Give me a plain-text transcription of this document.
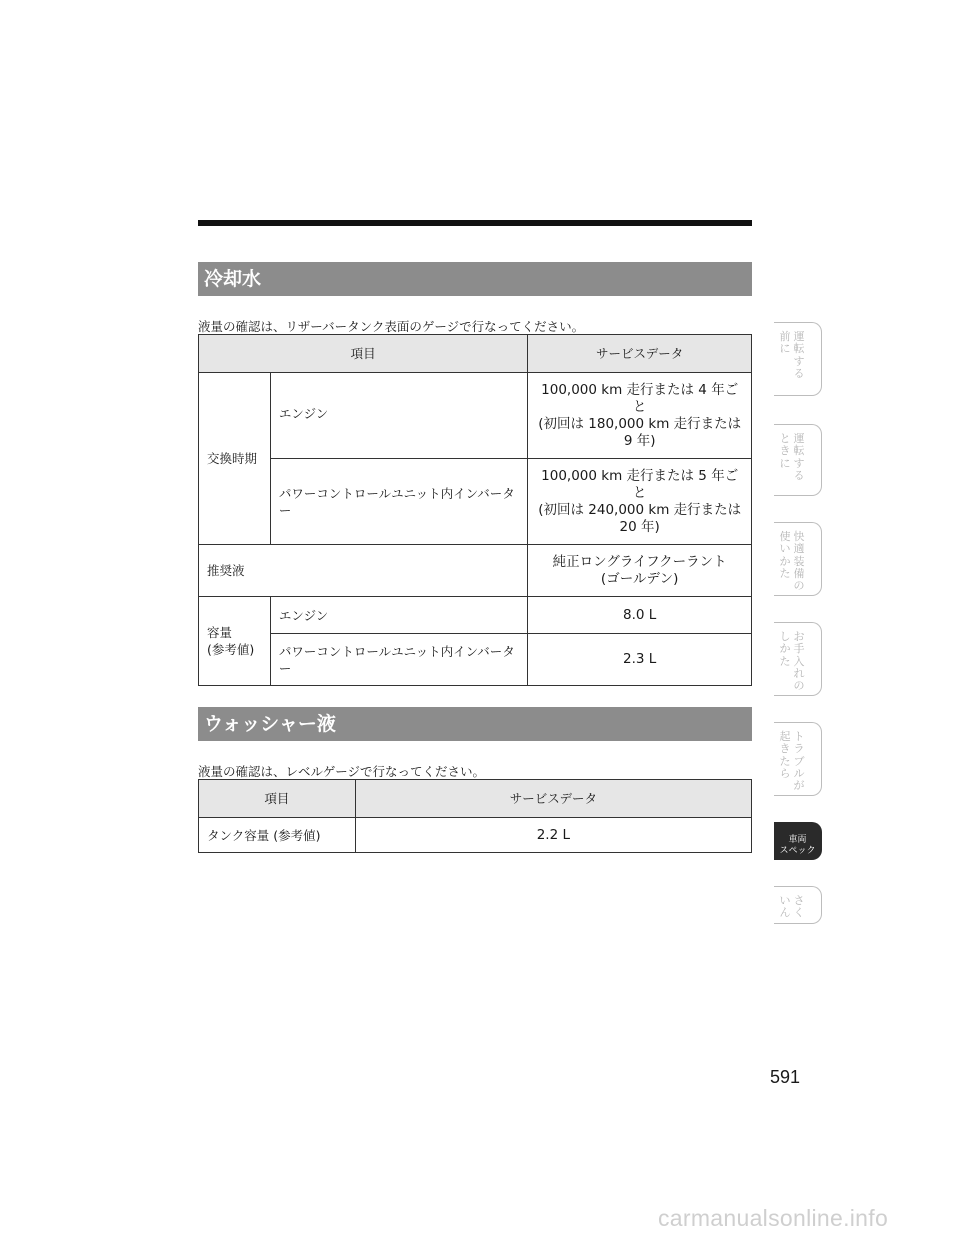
冷却水
液量の確認は、リザーバータンク表面のゲージで行なってください。
項目		サービスデータ
交換時期	エンジン	100,000 km 走行または 4 年ごと
(初回は 180,000 km 走行または 9 年)
	パワーコントロールユニット内インバーター	100,000 km 走行または 5 年ごと
(初回は 240,000 km 走行または 20 年)
推奨液		純正ロングライフクーラント
(ゴールデン)
容量
(参考値)	エンジン	8.0 L
	パワーコントロールユニット内インバーター	2.3 L
ウォッシャー液
液量の確認は、レベルゲージで行なってください。
項目	サービスデータ
タンク容量 (参考値)	2.2 L
運転する
前に
運転する
ときに
快適装備の
使いかた
お手入れの
しかた
トラブルが
起きたら
車両
スペック
さく
いん
591
carmanualsonline.info
